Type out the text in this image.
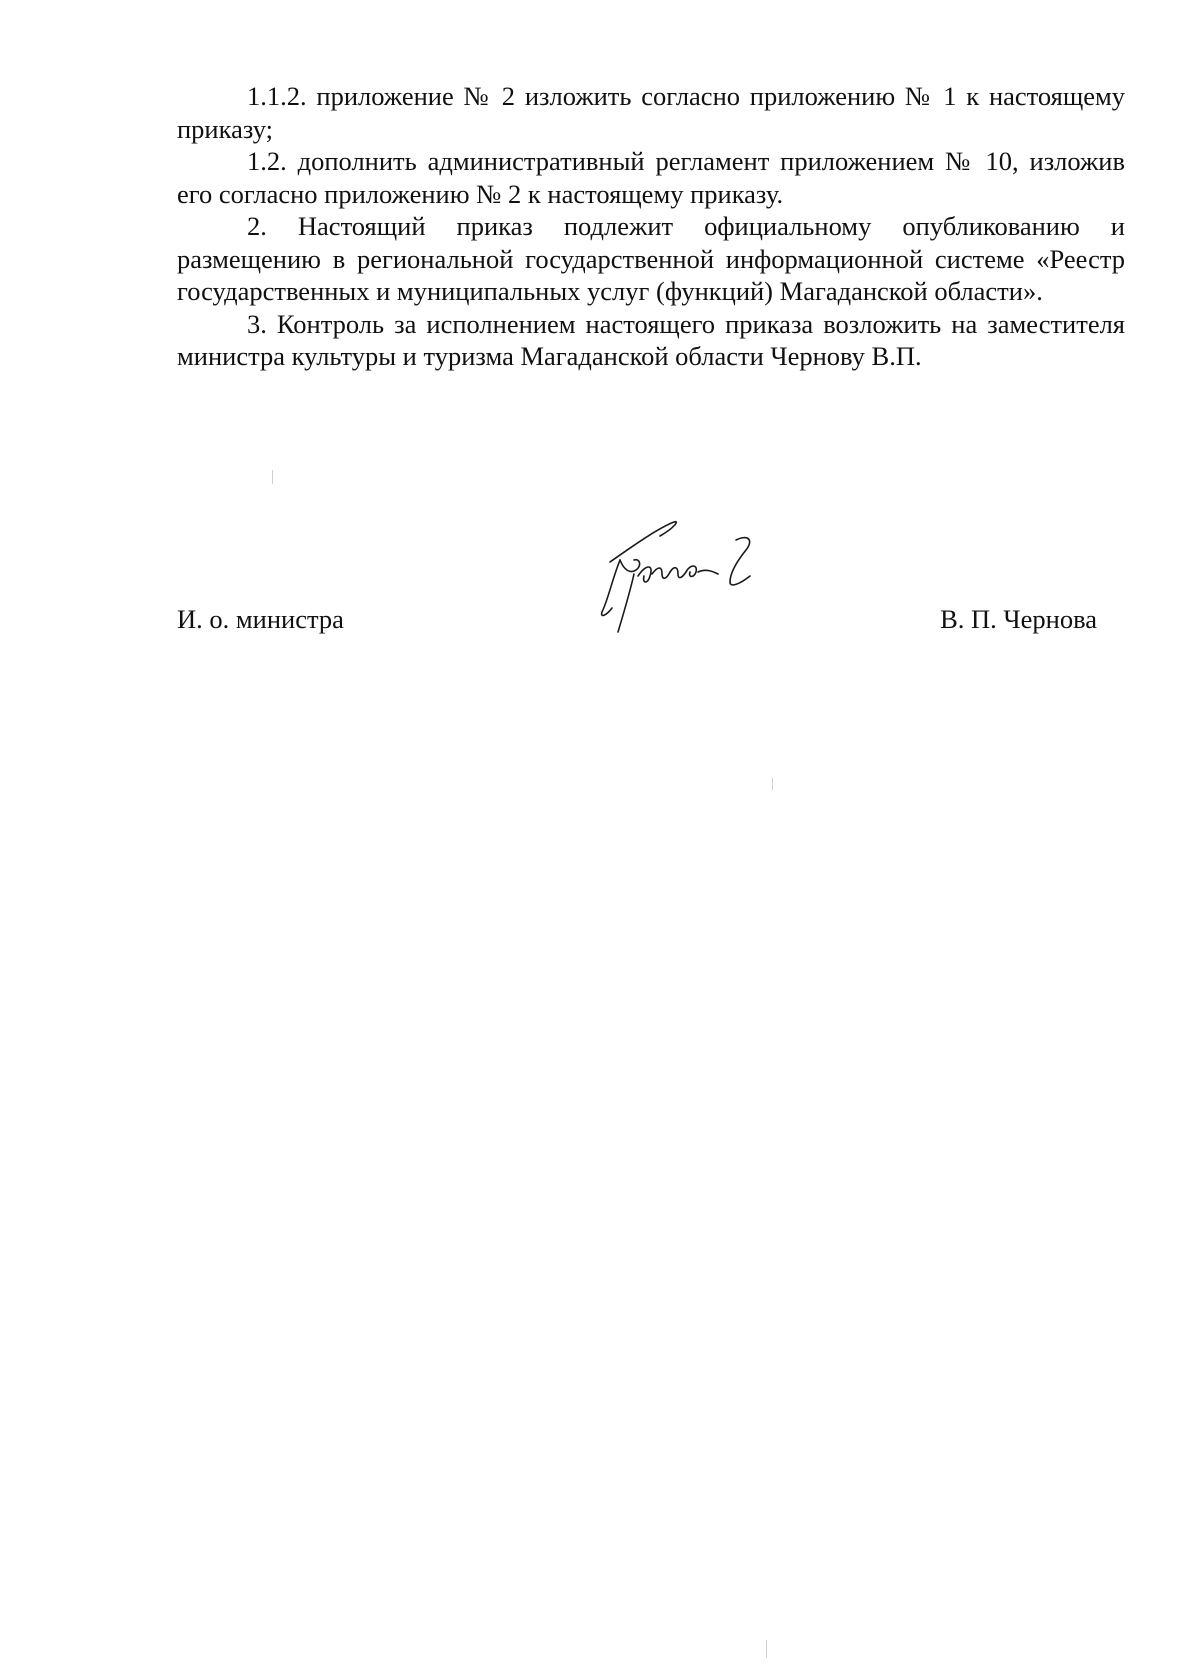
1.1.2. приложение № 2 изложить согласно приложению № 1 к настоящему приказу;

1.2. дополнить административный регламент приложением № 10, изложив его согласно приложению № 2 к настоящему приказу.

2. Настоящий приказ подлежит официальному опубликованию и размещению в региональной государственной информационной системе «Реестр государственных и муниципальных услуг (функций) Магаданской области».

3. Контроль за исполнением настоящего приказа возложить на заместителя министра культуры и туризма Магаданской области Чернову В.П.

И. о. министра	В. П. Чернова
